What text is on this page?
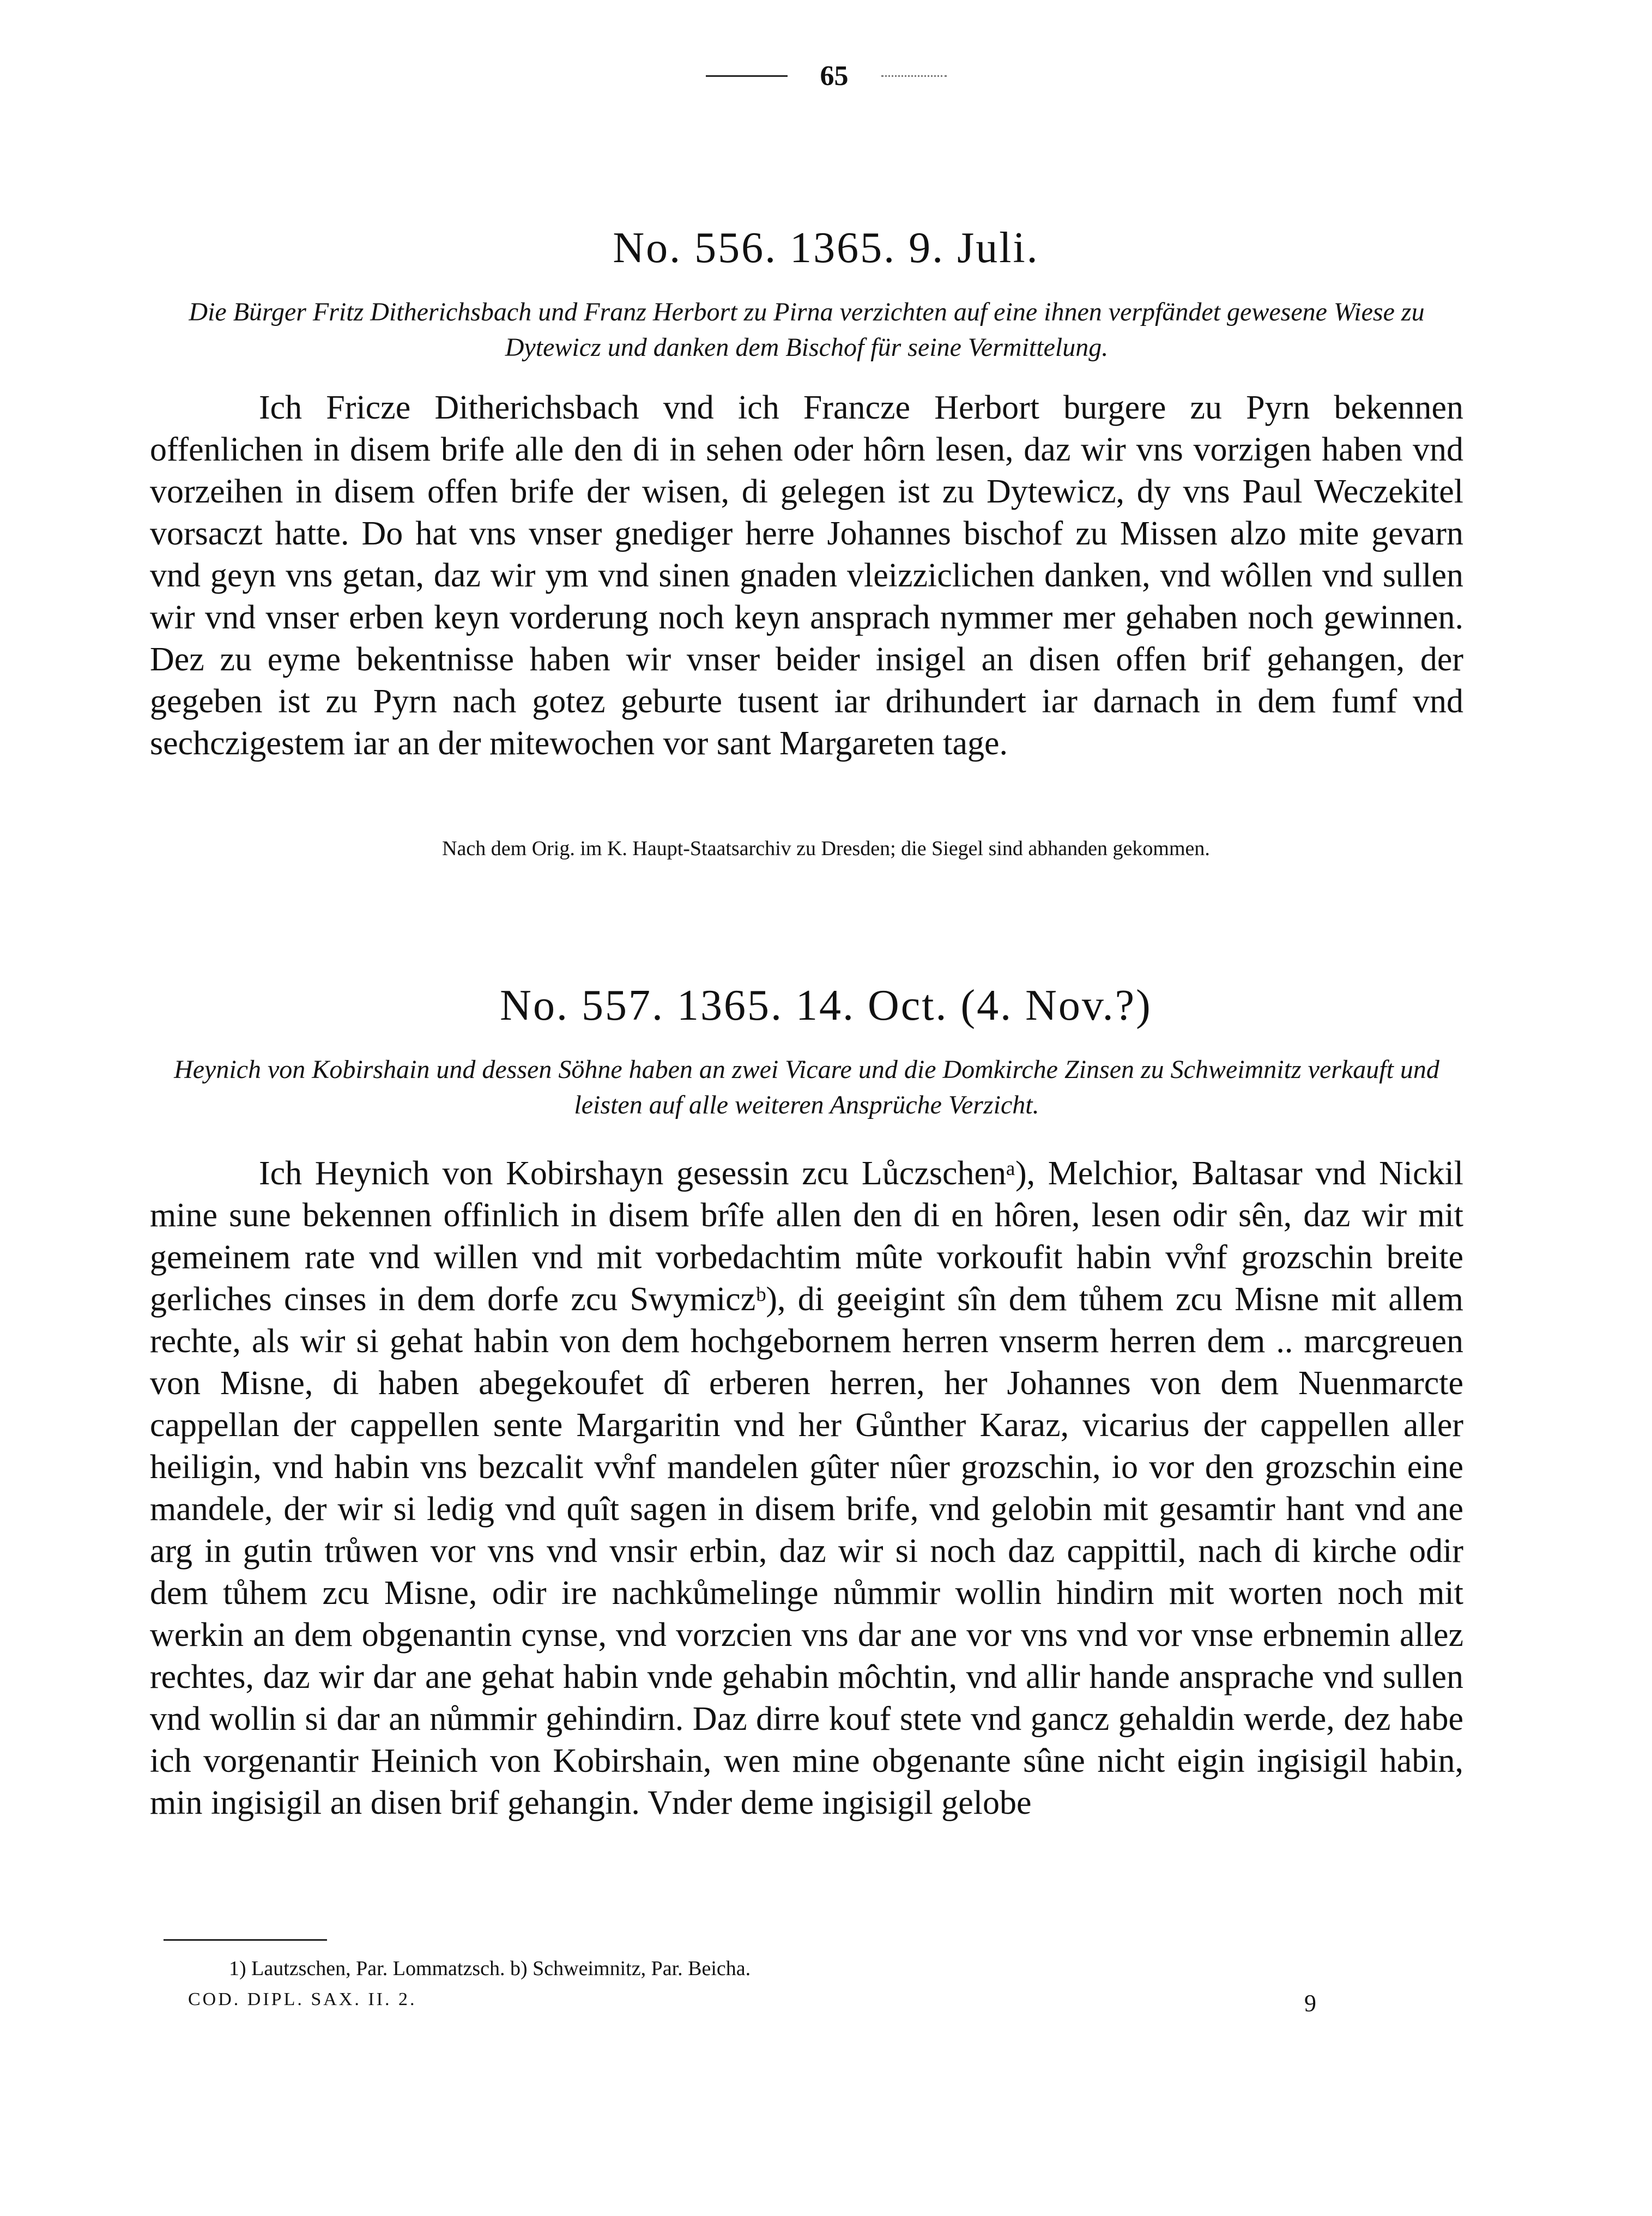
65
No. 556. 1365. 9. Juli.
Die Bürger Fritz Ditherichsbach und Franz Herbort zu Pirna verzichten auf eine ihnen verpfändet gewesene Wiese zu Dytewicz und danken dem Bischof für seine Vermittelung.

Ich Fricze Ditherichsbach vnd ich Francze Herbort burgere zu Pyrn bekennen offenlichen in disem brife alle den di in sehen oder hôrn lesen, daz wir vns vorzigen haben vnd vorzeihen in disem offen brife der wisen, di gelegen ist zu Dytewicz, dy vns Paul Weczekitel vorsaczt hatte. Do hat vns vnser gnediger herre Johannes bischof zu Missen alzo mite gevarn vnd geyn vns getan, daz wir ym vnd sinen gnaden vleizziclichen danken, vnd wôllen vnd sullen wir vnd vnser erben keyn vorderung noch keyn ansprach nymmer mer gehaben noch gewinnen. Dez zu eyme bekentnisse haben wir vnser beider insigel an disen offen brif gehangen, der gegeben ist zu Pyrn nach gotez geburte tusent iar drihundert iar darnach in dem fumf vnd sechczigestem iar an der mitewochen vor sant Margareten tage.

Nach dem Orig. im K. Haupt-Staatsarchiv zu Dresden; die Siegel sind abhanden gekommen.
No. 557. 1365. 14. Oct. (4. Nov.?)
Heynich von Kobirshain und dessen Söhne haben an zwei Vicare und die Domkirche Zinsen zu Schweimnitz verkauft und leisten auf alle weiteren Ansprüche Verzicht.

Ich Heynich von Kobirshayn gesessin zcu Lůczschenᵃ), Melchior, Baltasar vnd Nickil mine sune bekennen offinlich in disem brîfe allen den di en hôren, lesen odir sên, daz wir mit gemeinem rate vnd willen vnd mit vorbedachtim mûte vorkoufit habin vv̊nf grozschin breite gerliches cinses in dem dorfe zcu Swymiczᵇ), di geeigint sîn dem tůhem zcu Misne mit allem rechte, als wir si gehat habin von dem hochgebornem herren vnserm herren dem .. marcgreuen von Misne, di haben abegekoufet dî erberen herren, her Johannes von dem Nuenmarcte cappellan der cappellen sente Margaritin vnd her Gůnther Karaz, vicarius der cappellen aller heiligin, vnd habin vns bezcalit vv̊nf mandelen gûter nûer grozschin, io vor den grozschin eine mandele, der wir si ledig vnd quît sagen in disem brife, vnd gelobin mit gesamtir hant vnd ane arg in gutin trůwen vor vns vnd vnsir erbin, daz wir si noch daz cappittil, nach di kirche odir dem tůhem zcu Misne, odir ire nachkůmelinge nůmmir wollin hindirn mit worten noch mit werkin an dem obgenantin cynse, vnd vorzcien vns dar ane vor vns vnd vor vnse erbnemin allez rechtes, daz wir dar ane gehat habin vnde gehabin môchtin, vnd allir hande ansprache vnd sullen vnd wollin si dar an nůmmir gehindirn. Daz dirre kouf stete vnd gancz gehaldin werde, dez habe ich vorgenantir Heinich von Kobirshain, wen mine obgenante sûne nicht eigin ingisigil habin, min ingisigil an disen brif gehangin. Vnder deme ingisigil gelobe

1) Lautzschen, Par. Lommatzsch. b) Schweimnitz, Par. Beicha.
COD. DIPL. SAX. II. 2.	9
